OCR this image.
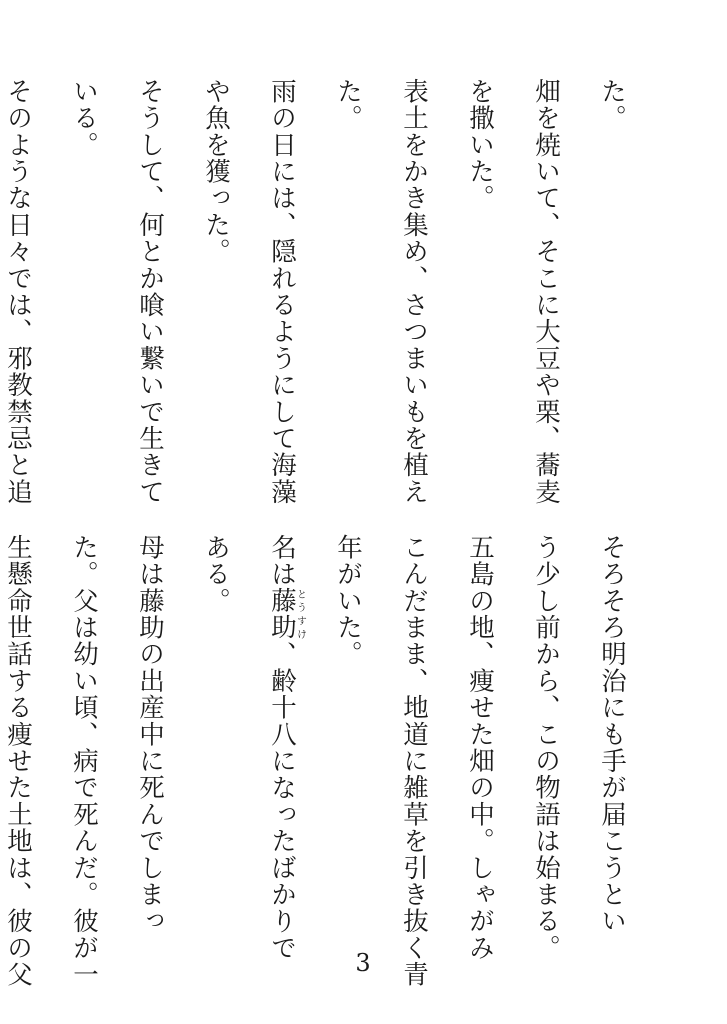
た。
畑を焼いて、そこに大豆や栗、蕎麦
を撒いた。
表土をかき集め、さつまいもを植え
た。
雨の日には、隠れるようにして海藻
や魚を獲った。
そうして、何とか喰い繋いで生きて
いる。
そのような日々では、邪教禁忌と追
そろそろ明治にも手が届こうとい
う少し前から、この物語は始まる。
五島の地、痩せた畑の中。しゃがみ
こんだまま、地道に雑草を引き抜く青
年がいた。
名は藤助とうすけ、齢十八になったばかりで
ある。
母は藤助の出産中に死んでしまっ
た。父は幼い頃、病で死んだ。彼が一
生懸命世話する痩せた土地は、彼の父	3
